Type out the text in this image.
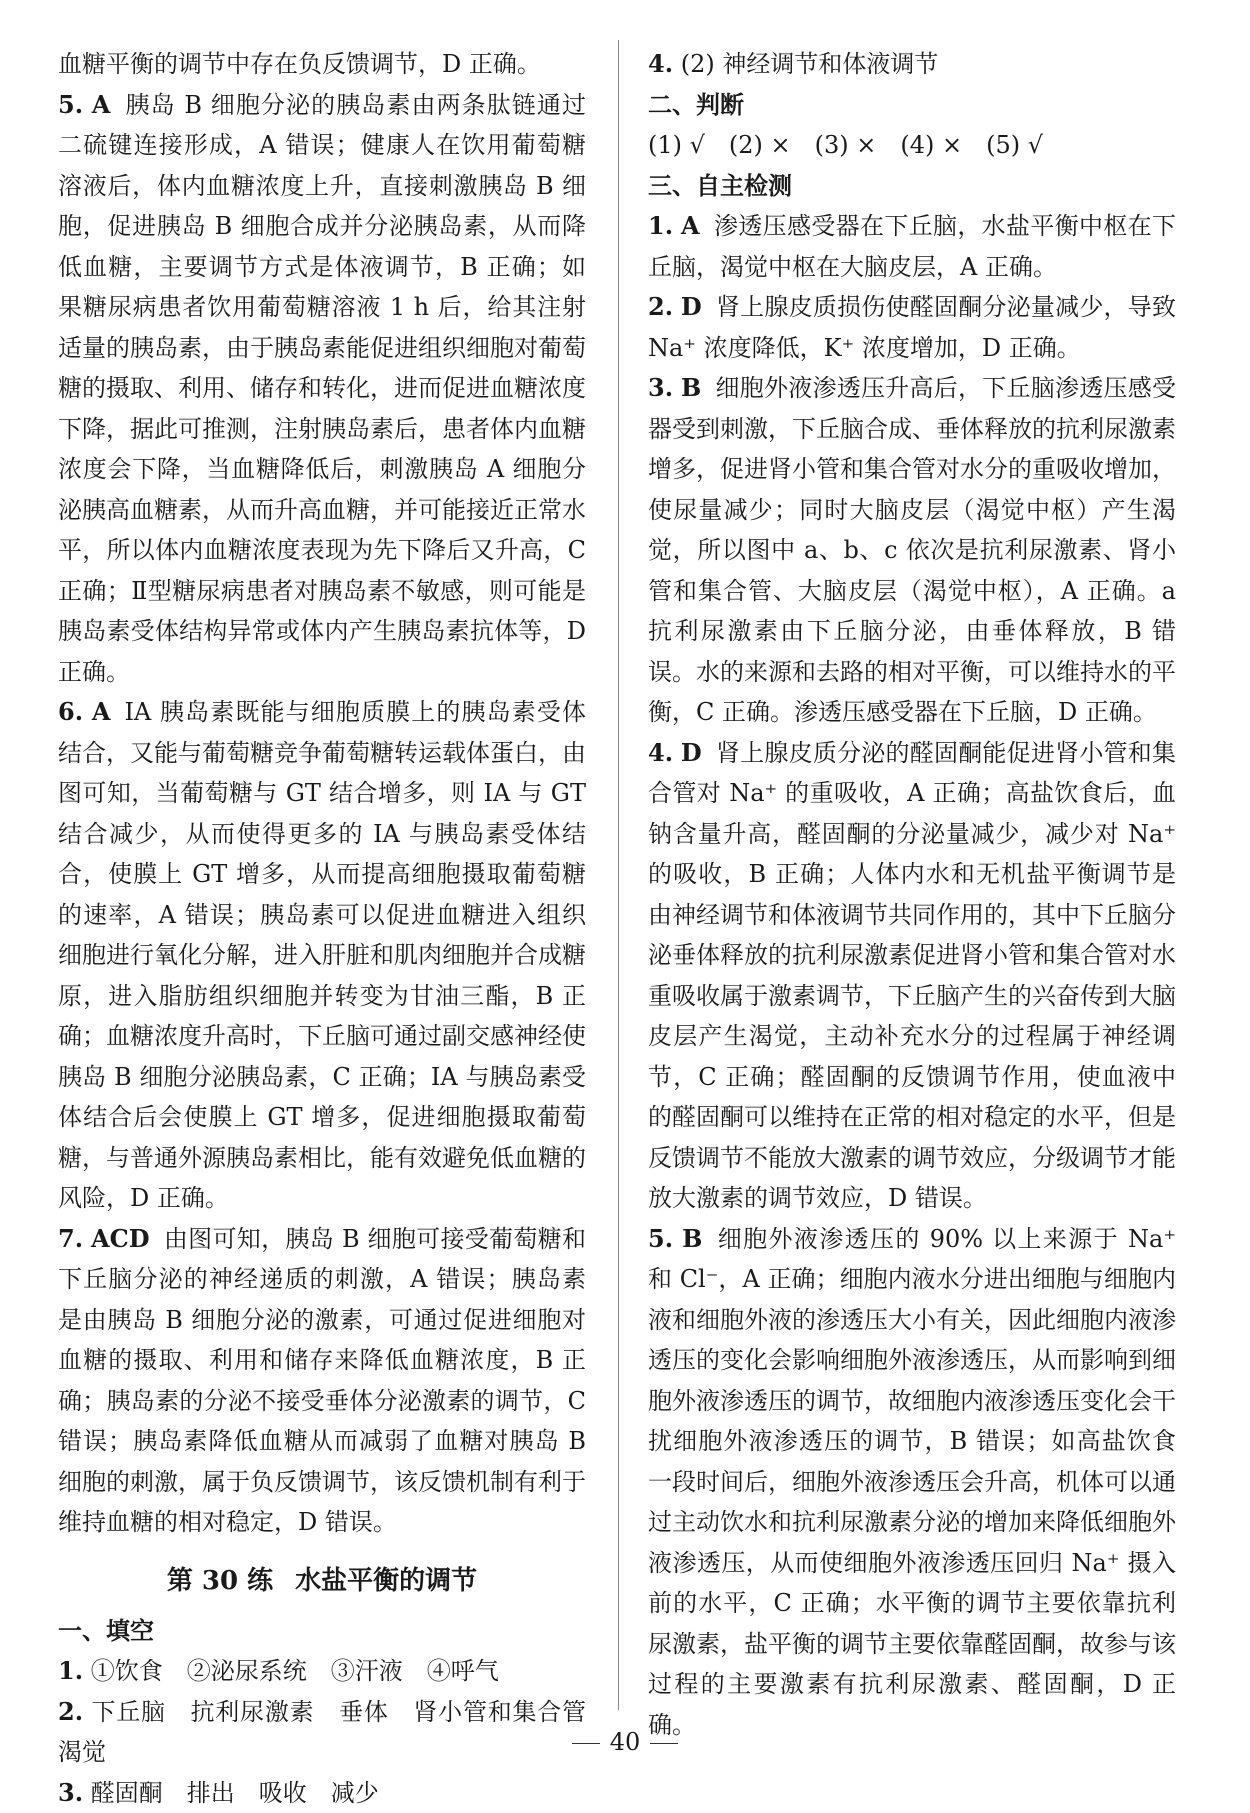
血糖平衡的调节中存在负反馈调节，D 正确。

5. A 胰岛 B 细胞分泌的胰岛素由两条肽链通过二硫键连接形成，A 错误；健康人在饮用葡萄糖溶液后，体内血糖浓度上升，直接刺激胰岛 B 细胞，促进胰岛 B 细胞合成并分泌胰岛素，从而降低血糖，主要调节方式是体液调节，B 正确；如果糖尿病患者饮用葡萄糖溶液 1 h 后，给其注射适量的胰岛素，由于胰岛素能促进组织细胞对葡萄糖的摄取、利用、储存和转化，进而促进血糖浓度下降，据此可推测，注射胰岛素后，患者体内血糖浓度会下降，当血糖降低后，刺激胰岛 A 细胞分泌胰高血糖素，从而升高血糖，并可能接近正常水平，所以体内血糖浓度表现为先下降后又升高，C 正确；Ⅱ型糖尿病患者对胰岛素不敏感，则可能是胰岛素受体结构异常或体内产生胰岛素抗体等，D 正确。

6. A IA 胰岛素既能与细胞质膜上的胰岛素受体结合，又能与葡萄糖竞争葡萄糖转运载体蛋白，由图可知，当葡萄糖与 GT 结合增多，则 IA 与 GT 结合减少，从而使得更多的 IA 与胰岛素受体结合，使膜上 GT 增多，从而提高细胞摄取葡萄糖的速率，A 错误；胰岛素可以促进血糖进入组织细胞进行氧化分解，进入肝脏和肌肉细胞并合成糖原，进入脂肪组织细胞并转变为甘油三酯，B 正确；血糖浓度升高时，下丘脑可通过副交感神经使胰岛 B 细胞分泌胰岛素，C 正确；IA 与胰岛素受体结合后会使膜上 GT 增多，促进细胞摄取葡萄糖，与普通外源胰岛素相比，能有效避免低血糖的风险，D 正确。

7. ACD 由图可知，胰岛 B 细胞可接受葡萄糖和下丘脑分泌的神经递质的刺激，A 错误；胰岛素是由胰岛 B 细胞分泌的激素，可通过促进细胞对血糖的摄取、利用和储存来降低血糖浓度，B 正确；胰岛素的分泌不接受垂体分泌激素的调节，C 错误；胰岛素降低血糖从而减弱了血糖对胰岛 B 细胞的刺激，属于负反馈调节，该反馈机制有利于维持血糖的相对稳定，D 错误。

第 30 练 水盐平衡的调节

一、填空

1. ①饮食　②泌尿系统　③汗液　④呼气

2. 下丘脑　抗利尿激素　垂体　肾小管和集合管　渴觉

3. 醛固酮　排出　吸收　减少

4. (2) 神经调节和体液调节

二、判断

(1) √　(2) ×　(3) ×　(4) ×　(5) √

三、自主检测

1. A 渗透压感受器在下丘脑，水盐平衡中枢在下丘脑，渴觉中枢在大脑皮层，A 正确。

2. D 肾上腺皮质损伤使醛固酮分泌量减少，导致 Na⁺ 浓度降低，K⁺ 浓度增加，D 正确。

3. B 细胞外液渗透压升高后，下丘脑渗透压感受器受到刺激，下丘脑合成、垂体释放的抗利尿激素增多，促进肾小管和集合管对水分的重吸收增加，使尿量减少；同时大脑皮层（渴觉中枢）产生渴觉，所以图中 a、b、c 依次是抗利尿激素、肾小管和集合管、大脑皮层（渴觉中枢），A 正确。a 抗利尿激素由下丘脑分泌，由垂体释放，B 错误。水的来源和去路的相对平衡，可以维持水的平衡，C 正确。渗透压感受器在下丘脑，D 正确。

4. D 肾上腺皮质分泌的醛固酮能促进肾小管和集合管对 Na⁺ 的重吸收，A 正确；高盐饮食后，血钠含量升高，醛固酮的分泌量减少，减少对 Na⁺ 的吸收，B 正确；人体内水和无机盐平衡调节是由神经调节和体液调节共同作用的，其中下丘脑分泌垂体释放的抗利尿激素促进肾小管和集合管对水重吸收属于激素调节，下丘脑产生的兴奋传到大脑皮层产生渴觉，主动补充水分的过程属于神经调节，C 正确；醛固酮的反馈调节作用，使血液中的醛固酮可以维持在正常的相对稳定的水平，但是反馈调节不能放大激素的调节效应，分级调节才能放大激素的调节效应，D 错误。

5. B 细胞外液渗透压的 90% 以上来源于 Na⁺ 和 Cl⁻，A 正确；细胞内液水分进出细胞与细胞内液和细胞外液的渗透压大小有关，因此细胞内液渗透压的变化会影响细胞外液渗透压，从而影响到细胞外液渗透压的调节，故细胞内液渗透压变化会干扰细胞外液渗透压的调节，B 错误；如高盐饮食一段时间后，细胞外液渗透压会升高，机体可以通过主动饮水和抗利尿激素分泌的增加来降低细胞外液渗透压，从而使细胞外液渗透压回归 Na⁺ 摄入前的水平，C 正确；水平衡的调节主要依靠抗利尿激素，盐平衡的调节主要依靠醛固酮，故参与该过程的主要激素有抗利尿激素、醛固酮，D 正确。

40
